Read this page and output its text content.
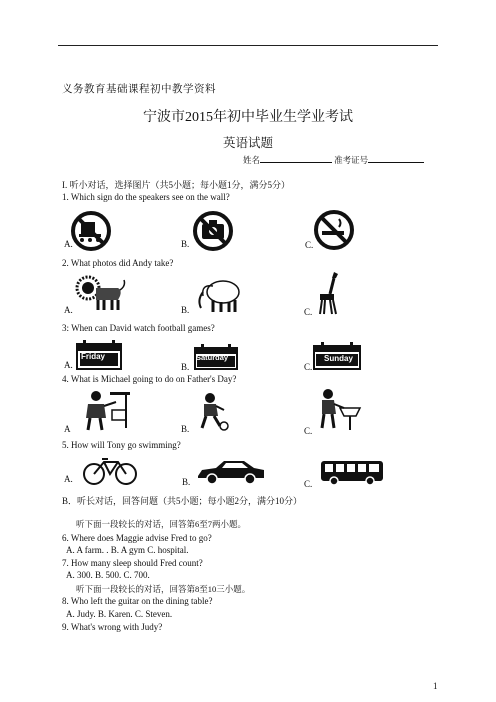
义务教育基础课程初中教学资料
宁波市2015年初中毕业生学业考试
英语试题
姓名	准考证号
I. 听小对话，选择图片（共5小题；每小题1分，满分5分）
1. Which sign do the speakers see on the wall?
A.	B.	C.
2. What photos did Andy take?
A.	B.	C.
3: When can David watch football games?
Friday
A.
Saturday
B.
Sunday
C.
4. What is Michael going to do on Father's Day?
A	B.	C.
5. How will Tony go swimming?
A.	B.	C.
B．听长对话，回答问题（共5小题；每小题2分，满分10分）
听下面一段较长的对话，回答第6至7两小题。
6. Where does Maggie advise Fred to go?
A. A farm. . B. A gym C. hospital.
7. How many sleep should Fred count?
A. 300. B. 500. C. 700.
听下面一段较长的对话，回答第8至10三小题。
8. Who left the guitar on the dining table?
A. Judy. B. Karen. C. Steven.
9. What's wrong with Judy?
1
